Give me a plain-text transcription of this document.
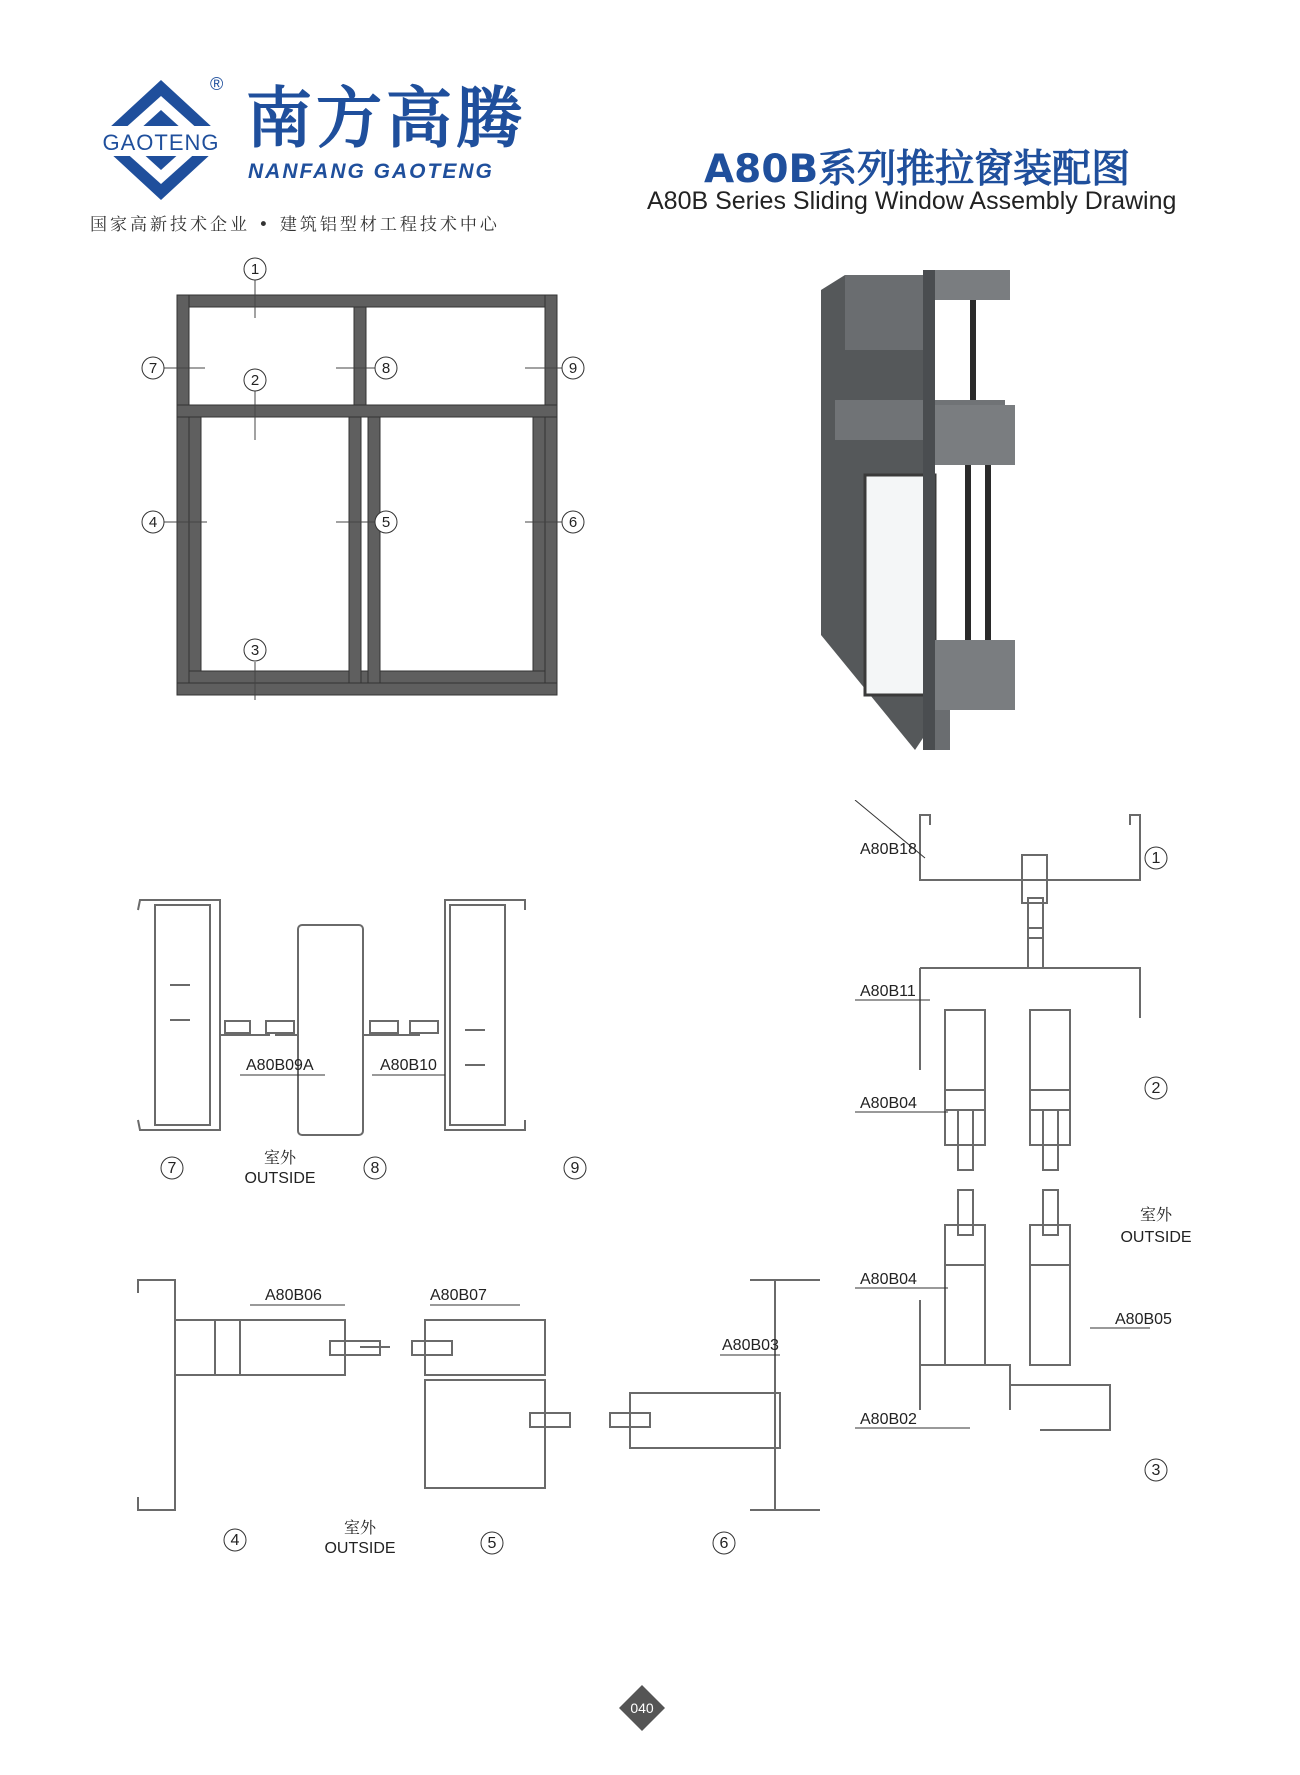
GAOTENG
® 南方高腾
NANFANG GAOTENG
国家高新技术企业 • 建筑铝型材工程技术中心
A80B系列推拉窗装配图
A80B Series Sliding Window Assembly Drawing
1
7	8	9
2
4	5	6
3
A80B09A	A80B10
7	8	9
室外
OUTSIDE
A80B06	A80B07
A80B03
4	5	6
室外
OUTSIDE
A80B18
A80B11
A80B04
A80B04
A80B05
A80B02
1
2
3
室外
OUTSIDE
040
